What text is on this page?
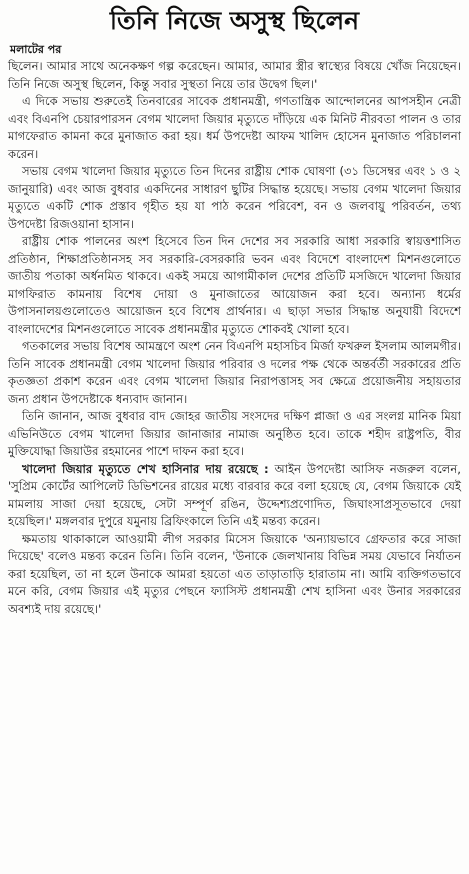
তিনি নিজে অসুস্থ ছিলেন
মলাটের পর

ছিলেন। আমার সাথে অনেকক্ষণ গল্প করেছেন। আমার, আমার স্ত্রীর স্বাস্থ্যের বিষয়ে খোঁজ নিয়েছেন। তিনি নিজে অসুস্থ ছিলেন, কিন্তু সবার সুস্থতা নিয়ে তার উদ্বেগ ছিল।'

এ দিকে সভায় শুরুতেই তিনবারের সাবেক প্রধানমন্ত্রী, গণতান্ত্রিক আন্দোলনের আপসহীন নেত্রী এবং বিএনপি চেয়ারপারসন বেগম খালেদা জিয়ার মৃত্যুতে দাঁড়িয়ে এক মিনিট নীরবতা পালন ও তার মাগফেরাত কামনা করে মুনাজাত করা হয়। ধর্ম উপদেষ্টা আফম খালিদ হোসেন মুনাজাত পরিচালনা করেন।

সভায় বেগম খালেদা জিয়ার মৃত্যুতে তিন দিনের রাষ্ট্রীয় শোক ঘোষণা (৩১ ডিসেম্বর এবং ১ ও ২ জানুয়ারি) এবং আজ বুধবার একদিনের সাধারণ ছুটির সিদ্ধান্ত হয়েছে। সভায় বেগম খালেদা জিয়ার মৃত্যুতে একটি শোক প্রস্তাব গৃহীত হয় যা পাঠ করেন পরিবেশ, বন ও জলবায়ু পরিবর্তন, তথ্য উপদেষ্টা রিজওয়ানা হাসান।

রাষ্ট্রীয় শোক পালনের অংশ হিসেবে তিন দিন দেশের সব সরকারি আধা সরকারি স্বায়ত্তশাসিত প্রতিষ্ঠান, শিক্ষাপ্রতিষ্ঠানসহ সব সরকারি-বেসরকারি ভবন এবং বিদেশে বাংলাদেশ মিশনগুলোতে জাতীয় পতাকা অর্ধনমিত থাকবে। একই সময়ে আগামীকাল দেশের প্রতিটি মসজিদে খালেদা জিয়ার মাগফিরাত কামনায় বিশেষ দোয়া ও মুনাজাতের আয়োজন করা হবে। অন্যান্য ধর্মের উপাসনালয়গুলোতেও আয়োজন হবে বিশেষ প্রার্থনার। এ ছাড়া সভার সিদ্ধান্ত অনুযায়ী বিদেশে বাংলাদেশের মিশনগুলোতে সাবেক প্রধানমন্ত্রীর মৃত্যুতে শোকবই খোলা হবে।

গতকালের সভায় বিশেষ আমন্ত্রণে অংশ নেন বিএনপি মহাসচিব মির্জা ফখরুল ইসলাম আলমগীর। তিনি সাবেক প্রধানমন্ত্রী বেগম খালেদা জিয়ার পরিবার ও দলের পক্ষ থেকে অন্তর্বর্তী সরকারের প্রতি কৃতজ্ঞতা প্রকাশ করেন এবং বেগম খালেদা জিয়ার নিরাপত্তাসহ সব ক্ষেত্রে প্রয়োজনীয় সহায়তার জন্য প্রধান উপদেষ্টাকে ধন্যবাদ জানান।

তিনি জানান, আজ বুধবার বাদ জোহর জাতীয় সংসদের দক্ষিণ প্লাজা ও এর সংলগ্ন মানিক মিয়া এভিনিউতে বেগম খালেদা জিয়ার জানাজার নামাজ অনুষ্ঠিত হবে। তাকে শহীদ রাষ্ট্রপতি, বীর মুক্তিযোদ্ধা জিয়াউর রহমানের পাশে দাফন করা হবে।

খালেদা জিয়ার মৃত্যুতে শেখ হাসিনার দায় রয়েছে : আইন উপদেষ্টা আসিফ নজরুল বলেন, 'সুপ্রিম কোর্টের আপিলেট ডিভিশনের রায়ের মধ্যে বারবার করে বলা হয়েছে যে, বেগম জিয়াকে যেই মামলায় সাজা দেয়া হয়েছে, সেটা সম্পূর্ণ রঙিন, উদ্দেশ্যপ্রণোদিত, জিঘাংসাপ্রসূতভাবে দেয়া হয়েছিল।' মঙ্গলবার দুপুরে যমুনায় ব্রিফিংকালে তিনি এই মন্তব্য করেন।

ক্ষমতায় থাকাকালে আওয়ামী লীগ সরকার মিসেস জিয়াকে 'অন্যায়ভাবে গ্রেফতার করে সাজা দিয়েছে' বলেও মন্তব্য করেন তিনি। তিনি বলেন, 'উনাকে জেলখানায় বিভিন্ন সময় যেভাবে নির্যাতন করা হয়েছিল, তা না হলে উনাকে আমরা হয়তো এত তাড়াতাড়ি হারাতাম না। আমি ব্যক্তিগতভাবে মনে করি, বেগম জিয়ার এই মৃত্যুর পেছনে ফ্যাসিস্ট প্রধানমন্ত্রী শেখ হাসিনা এবং উনার সরকারের অবশ্যই দায় রয়েছে।'
